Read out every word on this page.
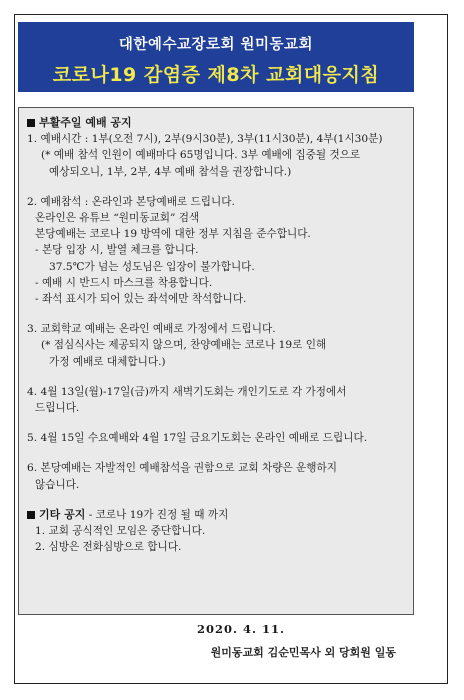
대한예수교장로회 원미동교회
코로나19 감염증 제8차 교회대응지침
부활주일 예배 공지
1. 예배시간 : 1부(오전 7시), 2부(9시30분), 3부(11시30분), 4부(1시30분)
(* 예배 참석 인원이 예배마다 65명입니다. 3부 예배에 집중될 것으로
예상되오니, 1부, 2부, 4부 예배 참석을 권장합니다.)
2. 예배참석 : 온라인과 본당예배로 드립니다.
온라인은 유튜브 “원미동교회” 검색
본당예배는 코로나 19 방역에 대한 정부 지침을 준수합니다.
- 본당 입장 시, 발열 체크를 합니다.
37.5℃가 넘는 성도님은 입장이 불가합니다.
- 예배 시 반드시 마스크를 착용합니다.
- 좌석 표시가 되어 있는 좌석에만 착석합니다.
3. 교회학교 예배는 온라인 예배로 가정에서 드립니다.
(* 점심식사는 제공되지 않으며, 찬양예배는 코로나 19로 인해
가정 예배로 대체합니다.)
4. 4월 13일(월)-17일(금)까지 새벽기도회는 개인기도로 각 가정에서
드립니다.
5. 4월 15일 수요예배와 4월 17일 금요기도회는 온라인 예배로 드립니다.
6. 본당예배는 자발적인 예배참석을 권함으로 교회 차량은 운행하지
않습니다.
기타 공지 - 코로나 19가 진정 될 때 까지
1. 교회 공식적인 모임은 중단합니다.
2. 심방은 전화심방으로 합니다.
2020. 4. 11.
원미동교회 김순민목사 외 당회원 일동
